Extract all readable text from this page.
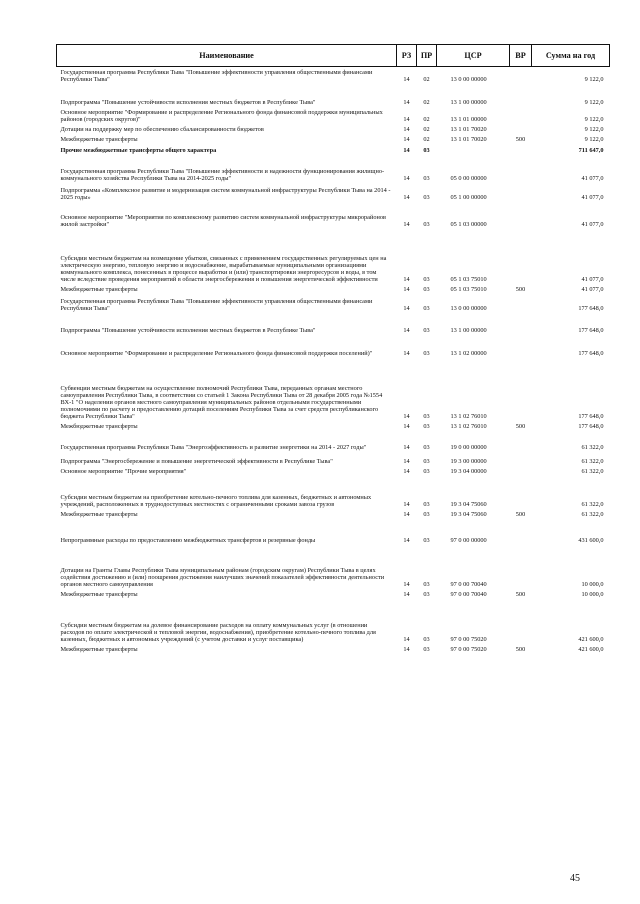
Наименование	РЗ	ПР	ЦСР	ВР	Сумма на год
Государственная программа Республики Тыва "Повышение эффективности управления общественными финансами Республики Тыва"	14	02	13 0 00 00000		9 122,0
Подпрограмма "Повышение устойчивости исполнения местных бюджетов в Республике Тыва"	14	02	13 1 00 00000		9 122,0
Основное мероприятие "Формирование и распределение Регионального фонда финансовой поддержки муниципальных районов (городских округов)"	14	02	13 1 01 00000		9 122,0
Дотации на поддержку мер по обеспечению сбалансированности бюджетов	14	02	13 1 01 70020		9 122,0
Межбюджетные трансферты	14	02	13 1 01 70020	500	9 122,0
Прочие межбюджетные трансферты общего характера	14	03			711 647,0
Государственная программа Республики Тыва "Повышение эффективности и надежности функционирования жилищно-коммунального хозяйства Республики Тыва на 2014-2025 годы"	14	03	05 0 00 00000		41 077,0
Подпрограмма «Комплексное развитие и модернизация систем коммунальной инфраструктуры Республики Тыва на 2014 - 2025 годы»	14	03	05 1 00 00000		41 077,0
Основное мероприятие "Мероприятия по комплексному развитию систем коммунальной инфраструктуры микрорайонов жилой застройки"	14	03	05 1 03 00000		41 077,0
Субсидии местным бюджетам на возмещение убытков, связанных с применением государственных регулируемых цен на электрическую энергию, тепловую энергию и водоснабжение, вырабатываемые муниципальными организациями коммунального комплекса, понесенных в процессе выработки и (или) транспортировки энергоресурсов и воды, в том числе вследствие проведения мероприятий в области энергосбережения и повышения энергетической эффективности	14	03	05 1 03 75010		41 077,0
Межбюджетные трансферты	14	03	05 1 03 75010	500	41 077,0
Государственная программа Республики Тыва "Повышение эффективности управления общественными финансами Республики Тыва"	14	03	13 0 00 00000		177 648,0
Подпрограмма "Повышение устойчивости исполнения местных бюджетов в Республике Тыва"	14	03	13 1 00 00000		177 648,0
Основное мероприятие "Формирование и распределение Регионального фонда финансовой поддержки поселений)"	14	03	13 1 02 00000		177 648,0
Субвенции местным бюджетам на осуществление полномочий Республики Тыва, переданных органам местного самоуправления Республики Тыва, в соответствии со статьей 1 Закона Республики Тыва от 28 декабря 2005 года №1554 ВХ-1 "О наделении органов местного самоуправления муниципальных районов отдельными государственными полномочиями по расчету и предоставлению дотаций поселениям Республики Тыва за счет средств республиканского бюджета Республики Тыва"	14	03	13 1 02 76010		177 648,0
Межбюджетные трансферты	14	03	13 1 02 76010	500	177 648,0
Государственная программа Республики Тыва "Энергоэффективность и развитие энергетики на 2014 - 2027 годы"	14	03	19 0 00 00000		61 322,0
Подпрограмма "Энергосбережение и повышение энергетической эффективности в Республике Тыва"	14	03	19 3 00 00000		61 322,0
Основное мероприятие "Прочие мероприятия"	14	03	19 3 04 00000		61 322,0
Субсидии местным бюджетам на приобретение котельно-печного топлива для казенных, бюджетных и автономных учреждений, расположенных в труднодоступных местностях с ограниченными сроками завоза грузов	14	03	19 3 04 75060		61 322,0
Межбюджетные трансферты	14	03	19 3 04 75060	500	61 322,0
Непрограммные расходы по предоставлению межбюджетных трансфертов и резервные фонды	14	03	97 0 00 00000		431 600,0
Дотации на Гранты Главы Республики Тыва муниципальным районам (городским округам) Республики Тыва в целях содействия достижению и (или) поощрения достижения наилучших значений показателей эффективности деятельности органов местного самоуправления	14	03	97 0 00 70040		10 000,0
Межбюджетные трансферты	14	03	97 0 00 70040	500	10 000,0
Субсидии местным бюджетам на долевое финансирование расходов на оплату коммунальных услуг (в отношении расходов по оплате электрической и тепловой энергии, водоснабжения), приобретение котельно-печного топлива для казенных, бюджетных и автономных учреждений (с учетом доставки и услуг поставщика)	14	03	97 0 00 75020		421 600,0
Межбюджетные трансферты	14	03	97 0 00 75020	500	421 600,0
45
